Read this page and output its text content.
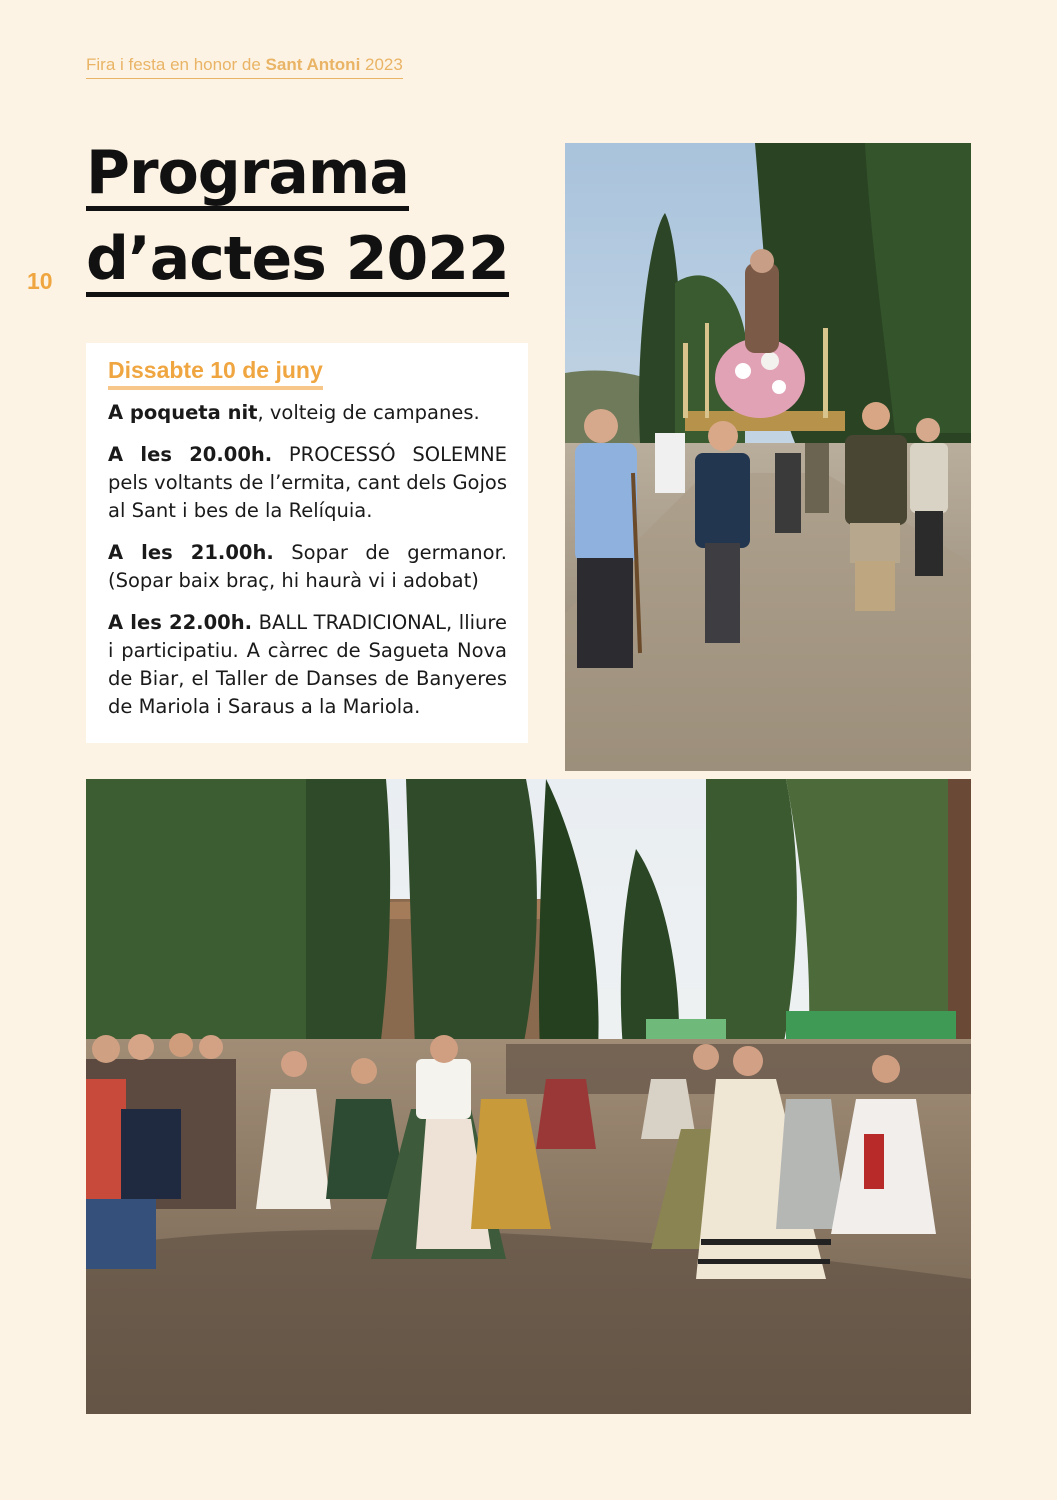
Fira i festa en honor de Sant Antoni 2023
10
Programa
d’actes 2022
Dissabte 10 de juny

A poqueta nit, volteig de campanes.

A les 20.00h. PROCESSÓ SOLEMNE pels voltants de l’ermita, cant dels Gojos al Sant i bes de la Relíquia.

A les 21.00h. Sopar de germanor. (Sopar baix braç, hi haurà vi i adobat)

A les 22.00h. BALL TRADICIONAL, lliure i participatiu. A càrrec de Sagueta Nova de Biar, el Taller de Danses de Banyeres de Mariola i Saraus a la Mariola.
